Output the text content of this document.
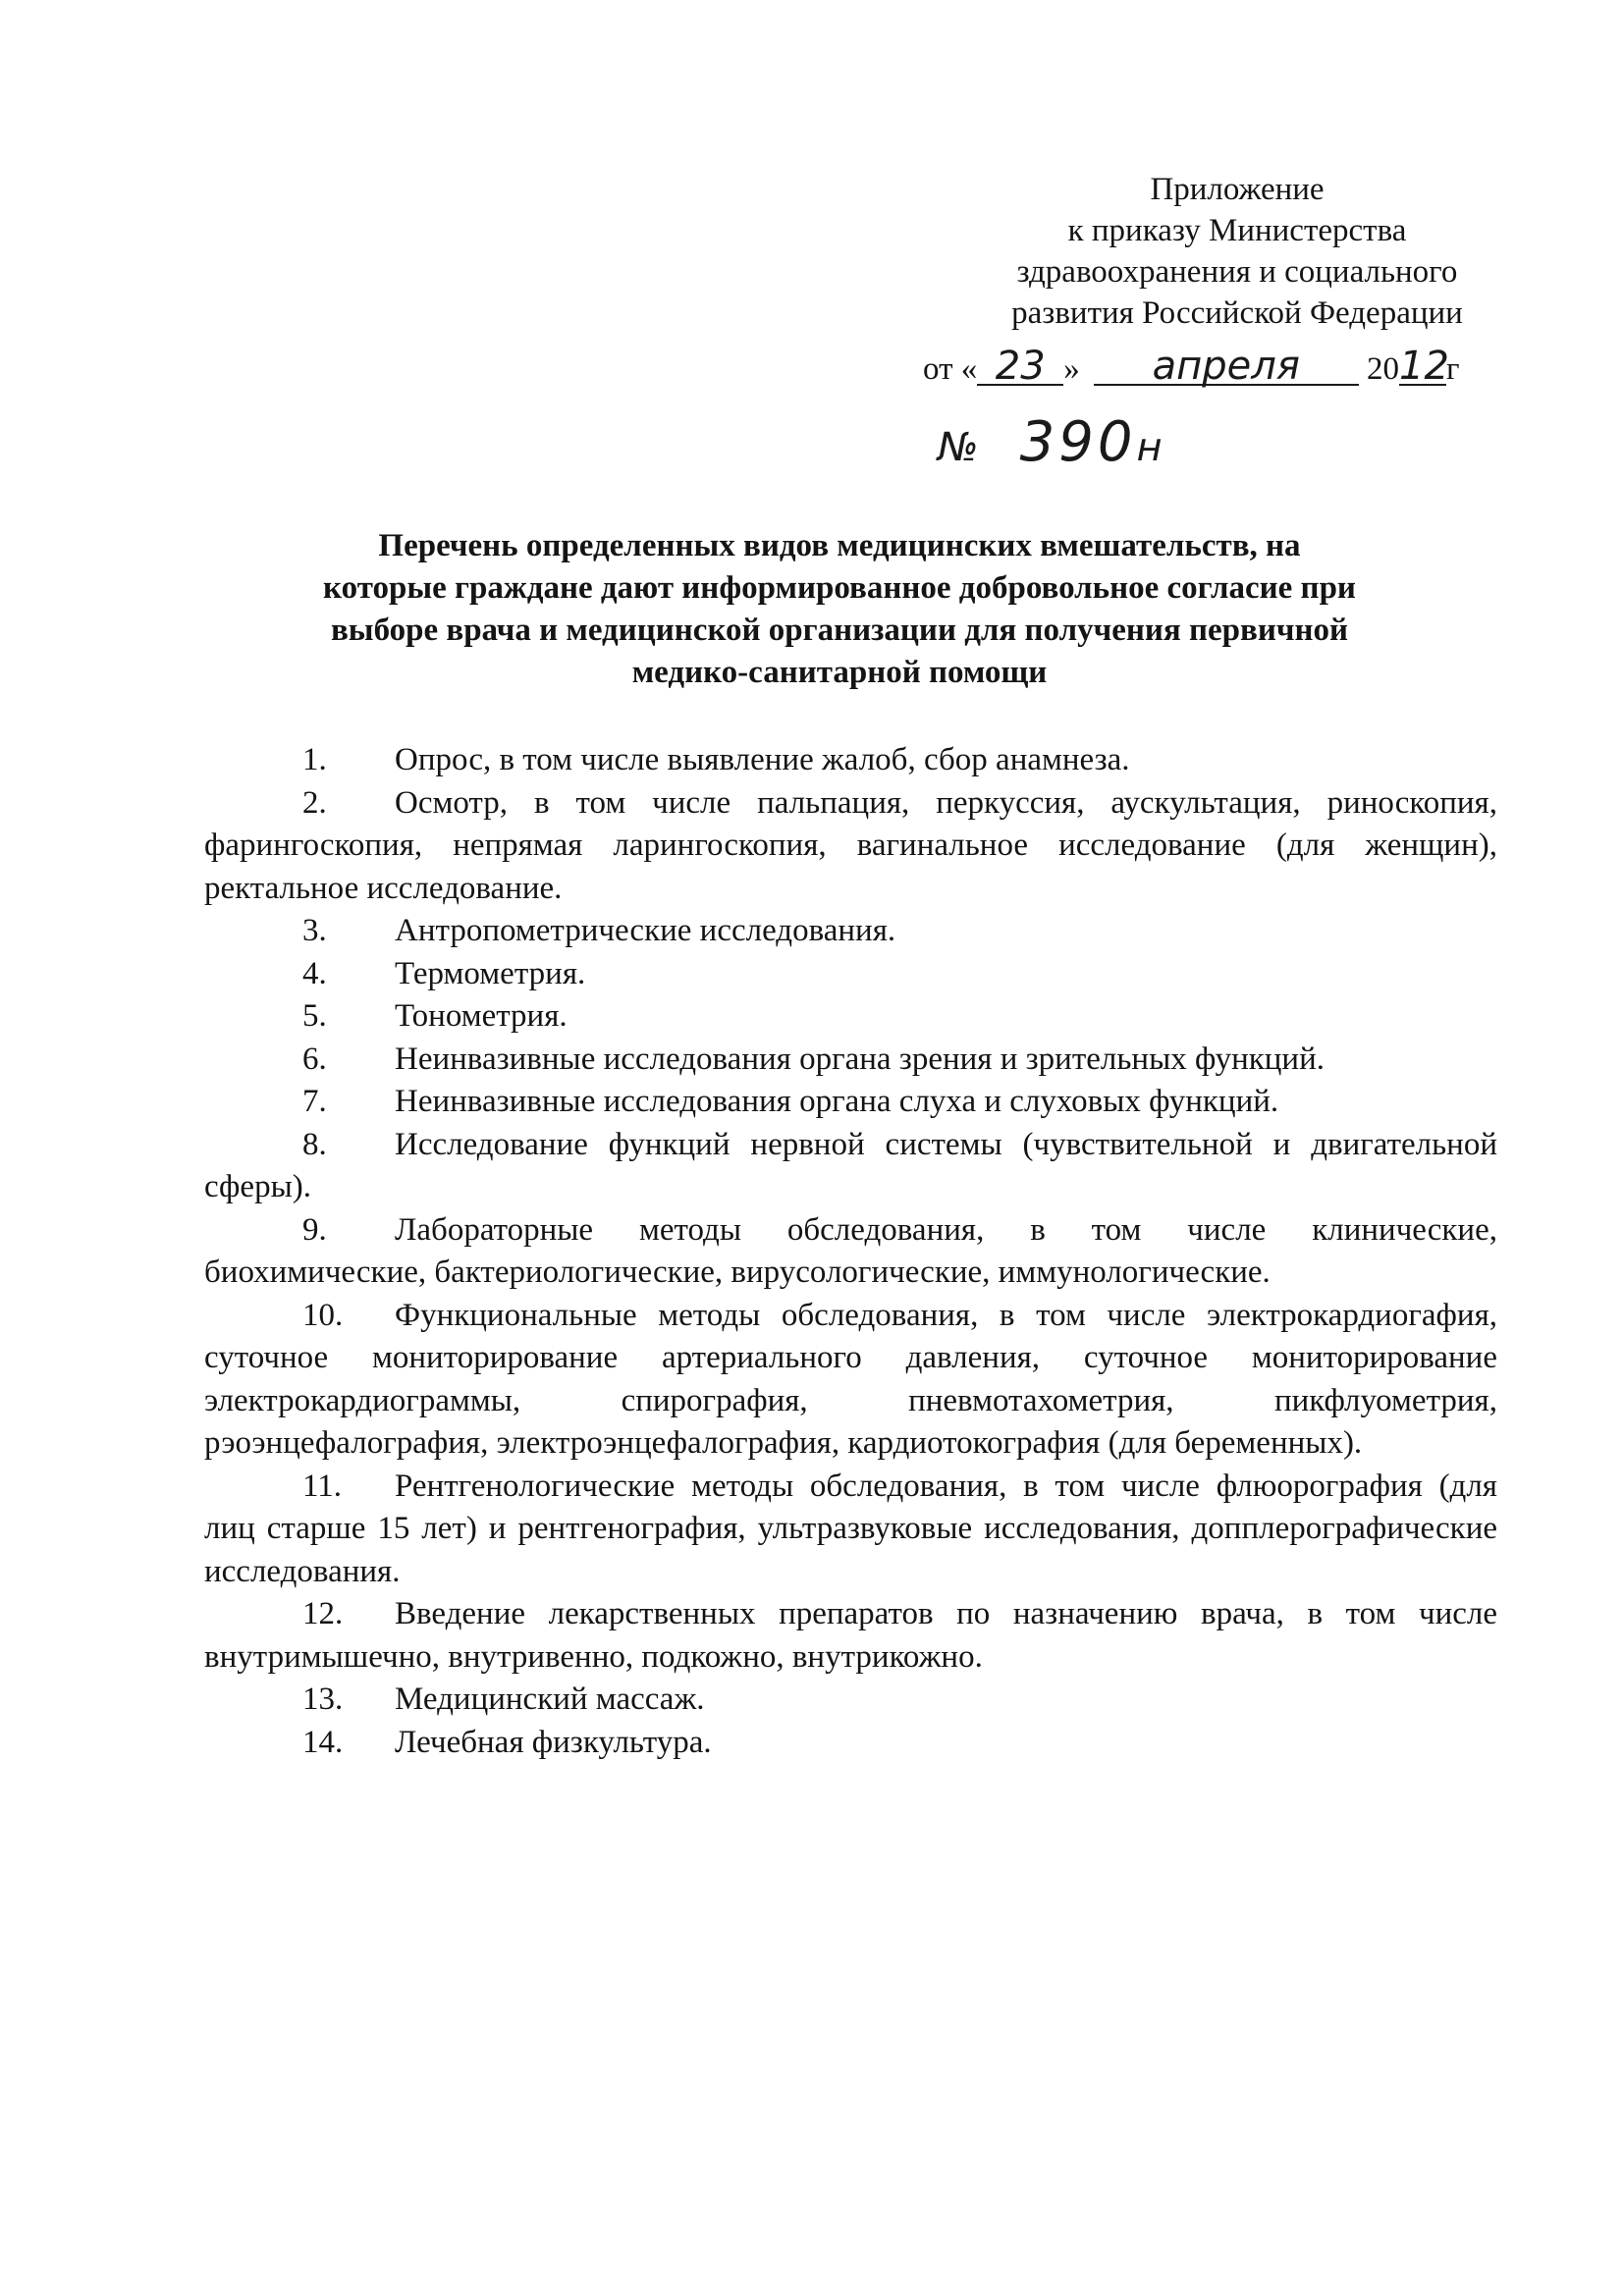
Приложение
к приказу Министерства
здравоохранения и социального
развития Российской Федерации
от « 23 » апреля 2012г
№ 390н
Перечень определенных видов медицинских вмешательств, на
которые граждане дают информированное добровольное согласие при
выборе врача и медицинской организации для получения первичной
медико-санитарной помощи
1. Опрос, в том числе выявление жалоб, сбор анамнеза.
2. Осмотр, в том числе пальпация, перкуссия, аускультация, риноскопия, фарингоскопия, непрямая ларингоскопия, вагинальное исследование (для женщин), ректальное исследование.
3. Антропометрические исследования.
4. Термометрия.
5. Тонометрия.
6. Неинвазивные исследования органа зрения и зрительных функций.
7. Неинвазивные исследования органа слуха и слуховых функций.
8. Исследование функций нервной системы (чувствительной и двигательной сферы).
9. Лабораторные методы обследования, в том числе клинические, биохимические, бактериологические, вирусологические, иммунологические.
10. Функциональные методы обследования, в том числе электрокардиогафия, суточное мониторирование артериального давления, суточное мониторирование электрокардиограммы, спирография, пневмотахометрия, пикфлуометрия, рэоэнцефалография, электроэнцефалография, кардиотокография (для беременных).
11. Рентгенологические методы обследования, в том числе флюорография (для лиц старше 15 лет) и рентгенография, ультразвуковые исследования, допплерографические исследования.
12. Введение лекарственных препаратов по назначению врача, в том числе внутримышечно, внутривенно, подкожно, внутрикожно.
13. Медицинский массаж.
14. Лечебная физкультура.
